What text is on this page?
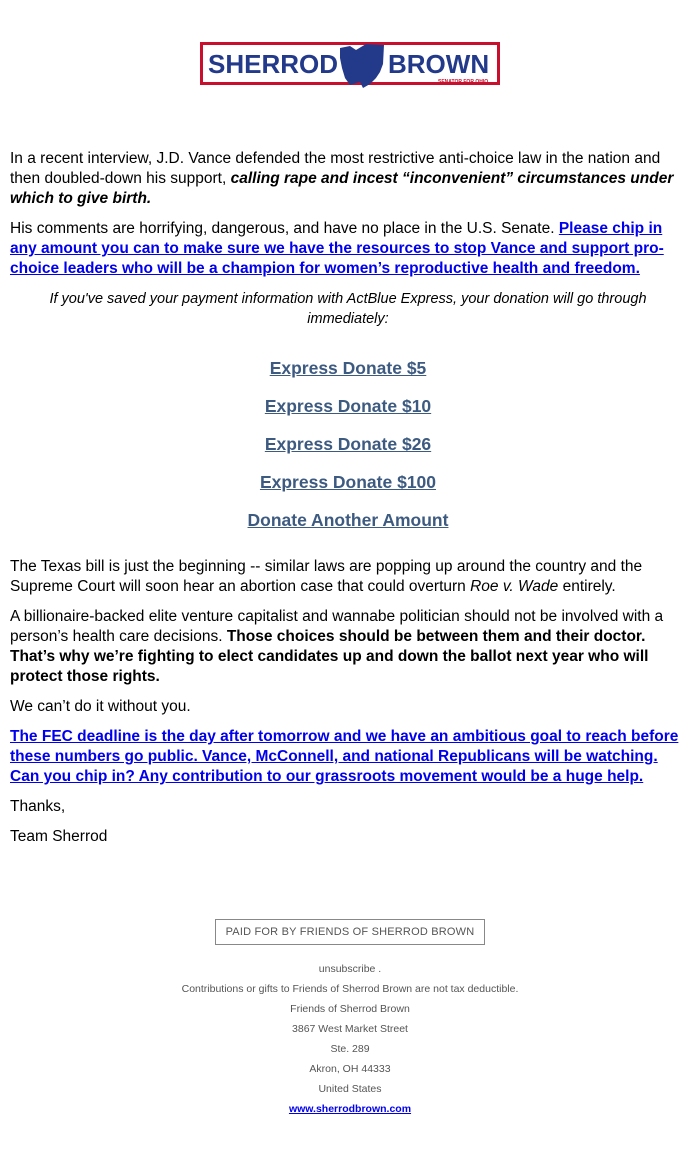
SHERROD BROWN
SENATOR FOR OHIO

In a recent interview, J.D. Vance defended the most restrictive anti-choice law in the nation and then doubled-down his support, calling rape and incest “inconvenient” circumstances under which to give birth.

His comments are horrifying, dangerous, and have no place in the U.S. Senate. Please chip in any amount you can to make sure we have the resources to stop Vance and support pro-choice leaders who will be a champion for women’s reproductive health and freedom.

If you've saved your payment information with ActBlue Express, your donation will go through immediately:

Express Donate $5
Express Donate $10
Express Donate $26
Express Donate $100
Donate Another Amount

The Texas bill is just the beginning -- similar laws are popping up around the country and the Supreme Court will soon hear an abortion case that could overturn Roe v. Wade entirely.

A billionaire-backed elite venture capitalist and wannabe politician should not be involved with a person’s health care decisions. Those choices should be between them and their doctor. That’s why we’re fighting to elect candidates up and down the ballot next year who will protect those rights.

We can’t do it without you.

The FEC deadline is the day after tomorrow and we have an ambitious goal to reach before these numbers go public. Vance, McConnell, and national Republicans will be watching. Can you chip in? Any contribution to our grassroots movement would be a huge help.

Thanks,

Team Sherrod

PAID FOR BY FRIENDS OF SHERROD BROWN
unsubscribe .
Contributions or gifts to Friends of Sherrod Brown are not tax deductible.
Friends of Sherrod Brown
3867 West Market Street
Ste. 289
Akron, OH 44333
United States
www.sherrodbrown.com
